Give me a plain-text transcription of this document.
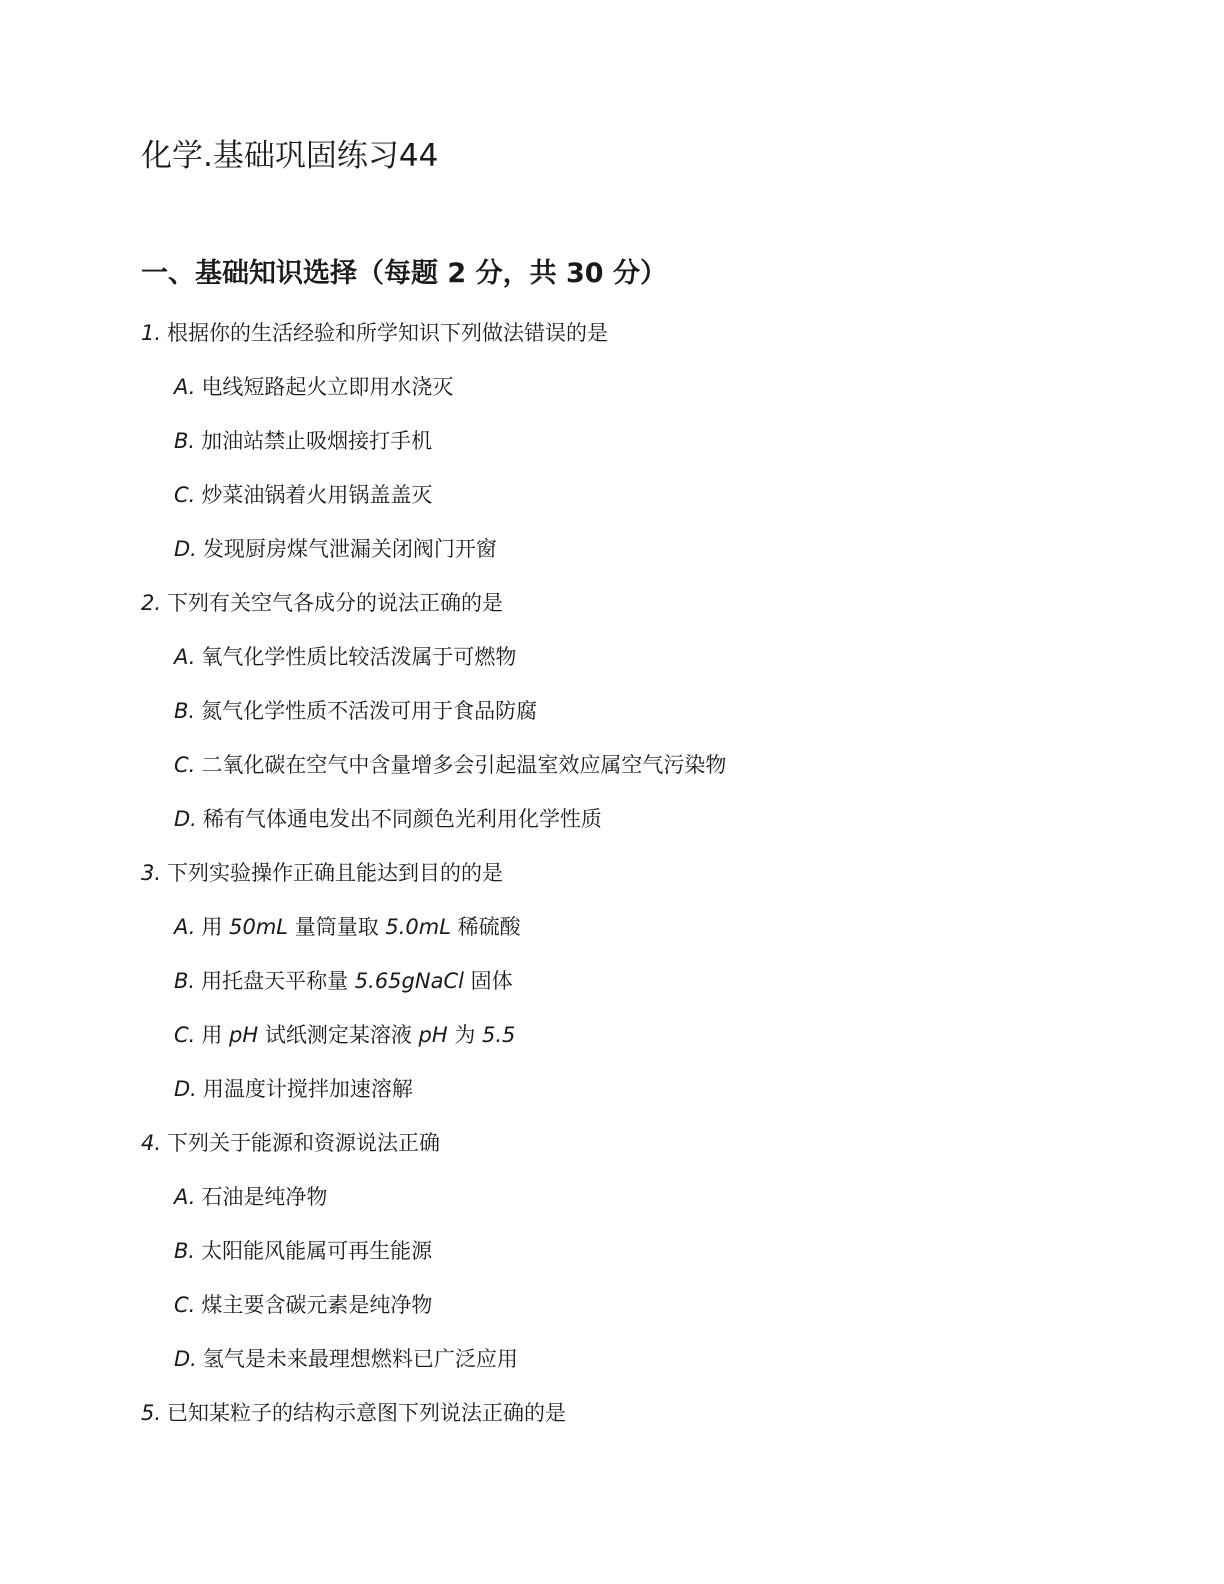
化学.基础巩固练习44
一、基础知识选择（每题 2 分，共 30 分）
1. 根据你的生活经验和所学知识下列做法错误的是
A. 电线短路起火立即用水浇灭
B. 加油站禁止吸烟接打手机
C. 炒菜油锅着火用锅盖盖灭
D. 发现厨房煤气泄漏关闭阀门开窗
2. 下列有关空气各成分的说法正确的是
A. 氧气化学性质比较活泼属于可燃物
B. 氮气化学性质不活泼可用于食品防腐
C. 二氧化碳在空气中含量增多会引起温室效应属空气污染物
D. 稀有气体通电发出不同颜色光利用化学性质
3. 下列实验操作正确且能达到目的的是
A. 用 50mL 量筒量取 5.0mL 稀硫酸
B. 用托盘天平称量 5.65gNaCl 固体
C. 用 pH 试纸测定某溶液 pH 为 5.5
D. 用温度计搅拌加速溶解
4. 下列关于能源和资源说法正确
A. 石油是纯净物
B. 太阳能风能属可再生能源
C. 煤主要含碳元素是纯净物
D. 氢气是未来最理想燃料已广泛应用
5. 已知某粒子的结构示意图下列说法正确的是
